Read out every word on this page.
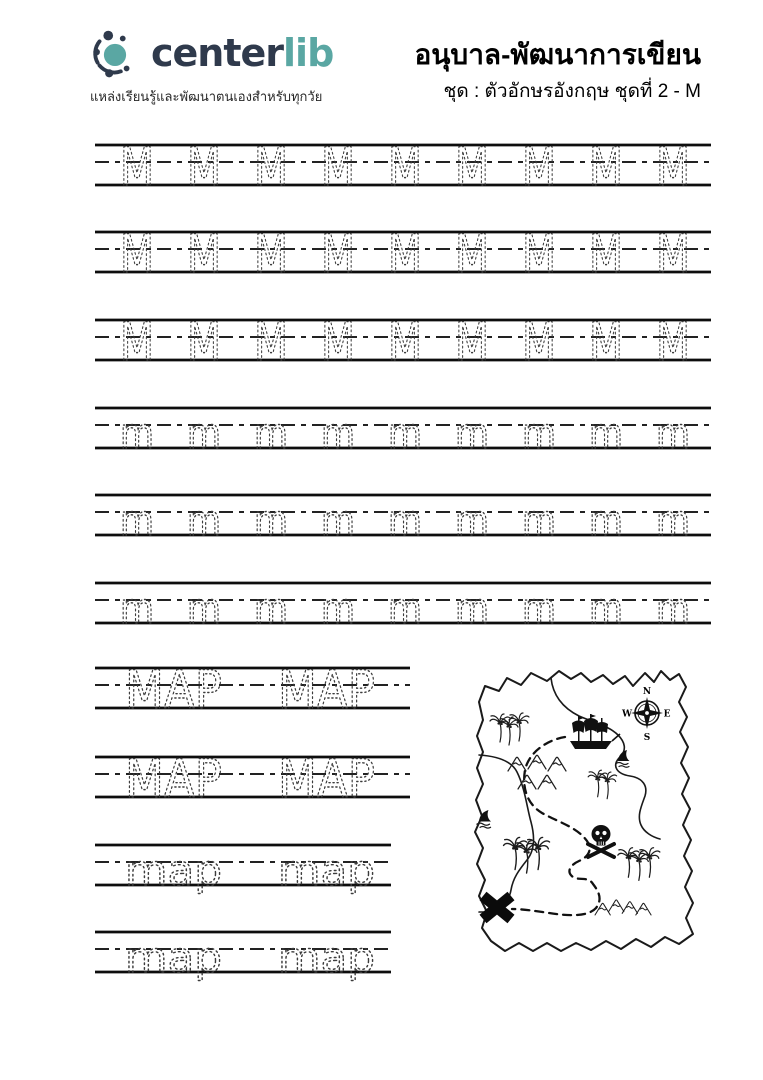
centerlib
แหล่งเรียนรู้และพัฒนาตนเองสำหรับทุกวัย
อนุบาล-พัฒนาการเขียน
ชุด : ตัวอักษรอังกฤษ ชุดที่ 2 - M
M M M M M M M M M
M M M M M M M M M
M M M M M M M M M
m m m m m m m m m
m m m m m m m m m
m m m m m m m m m
MAP MAP
MAP MAP
map map
map map
N
S
W	E
